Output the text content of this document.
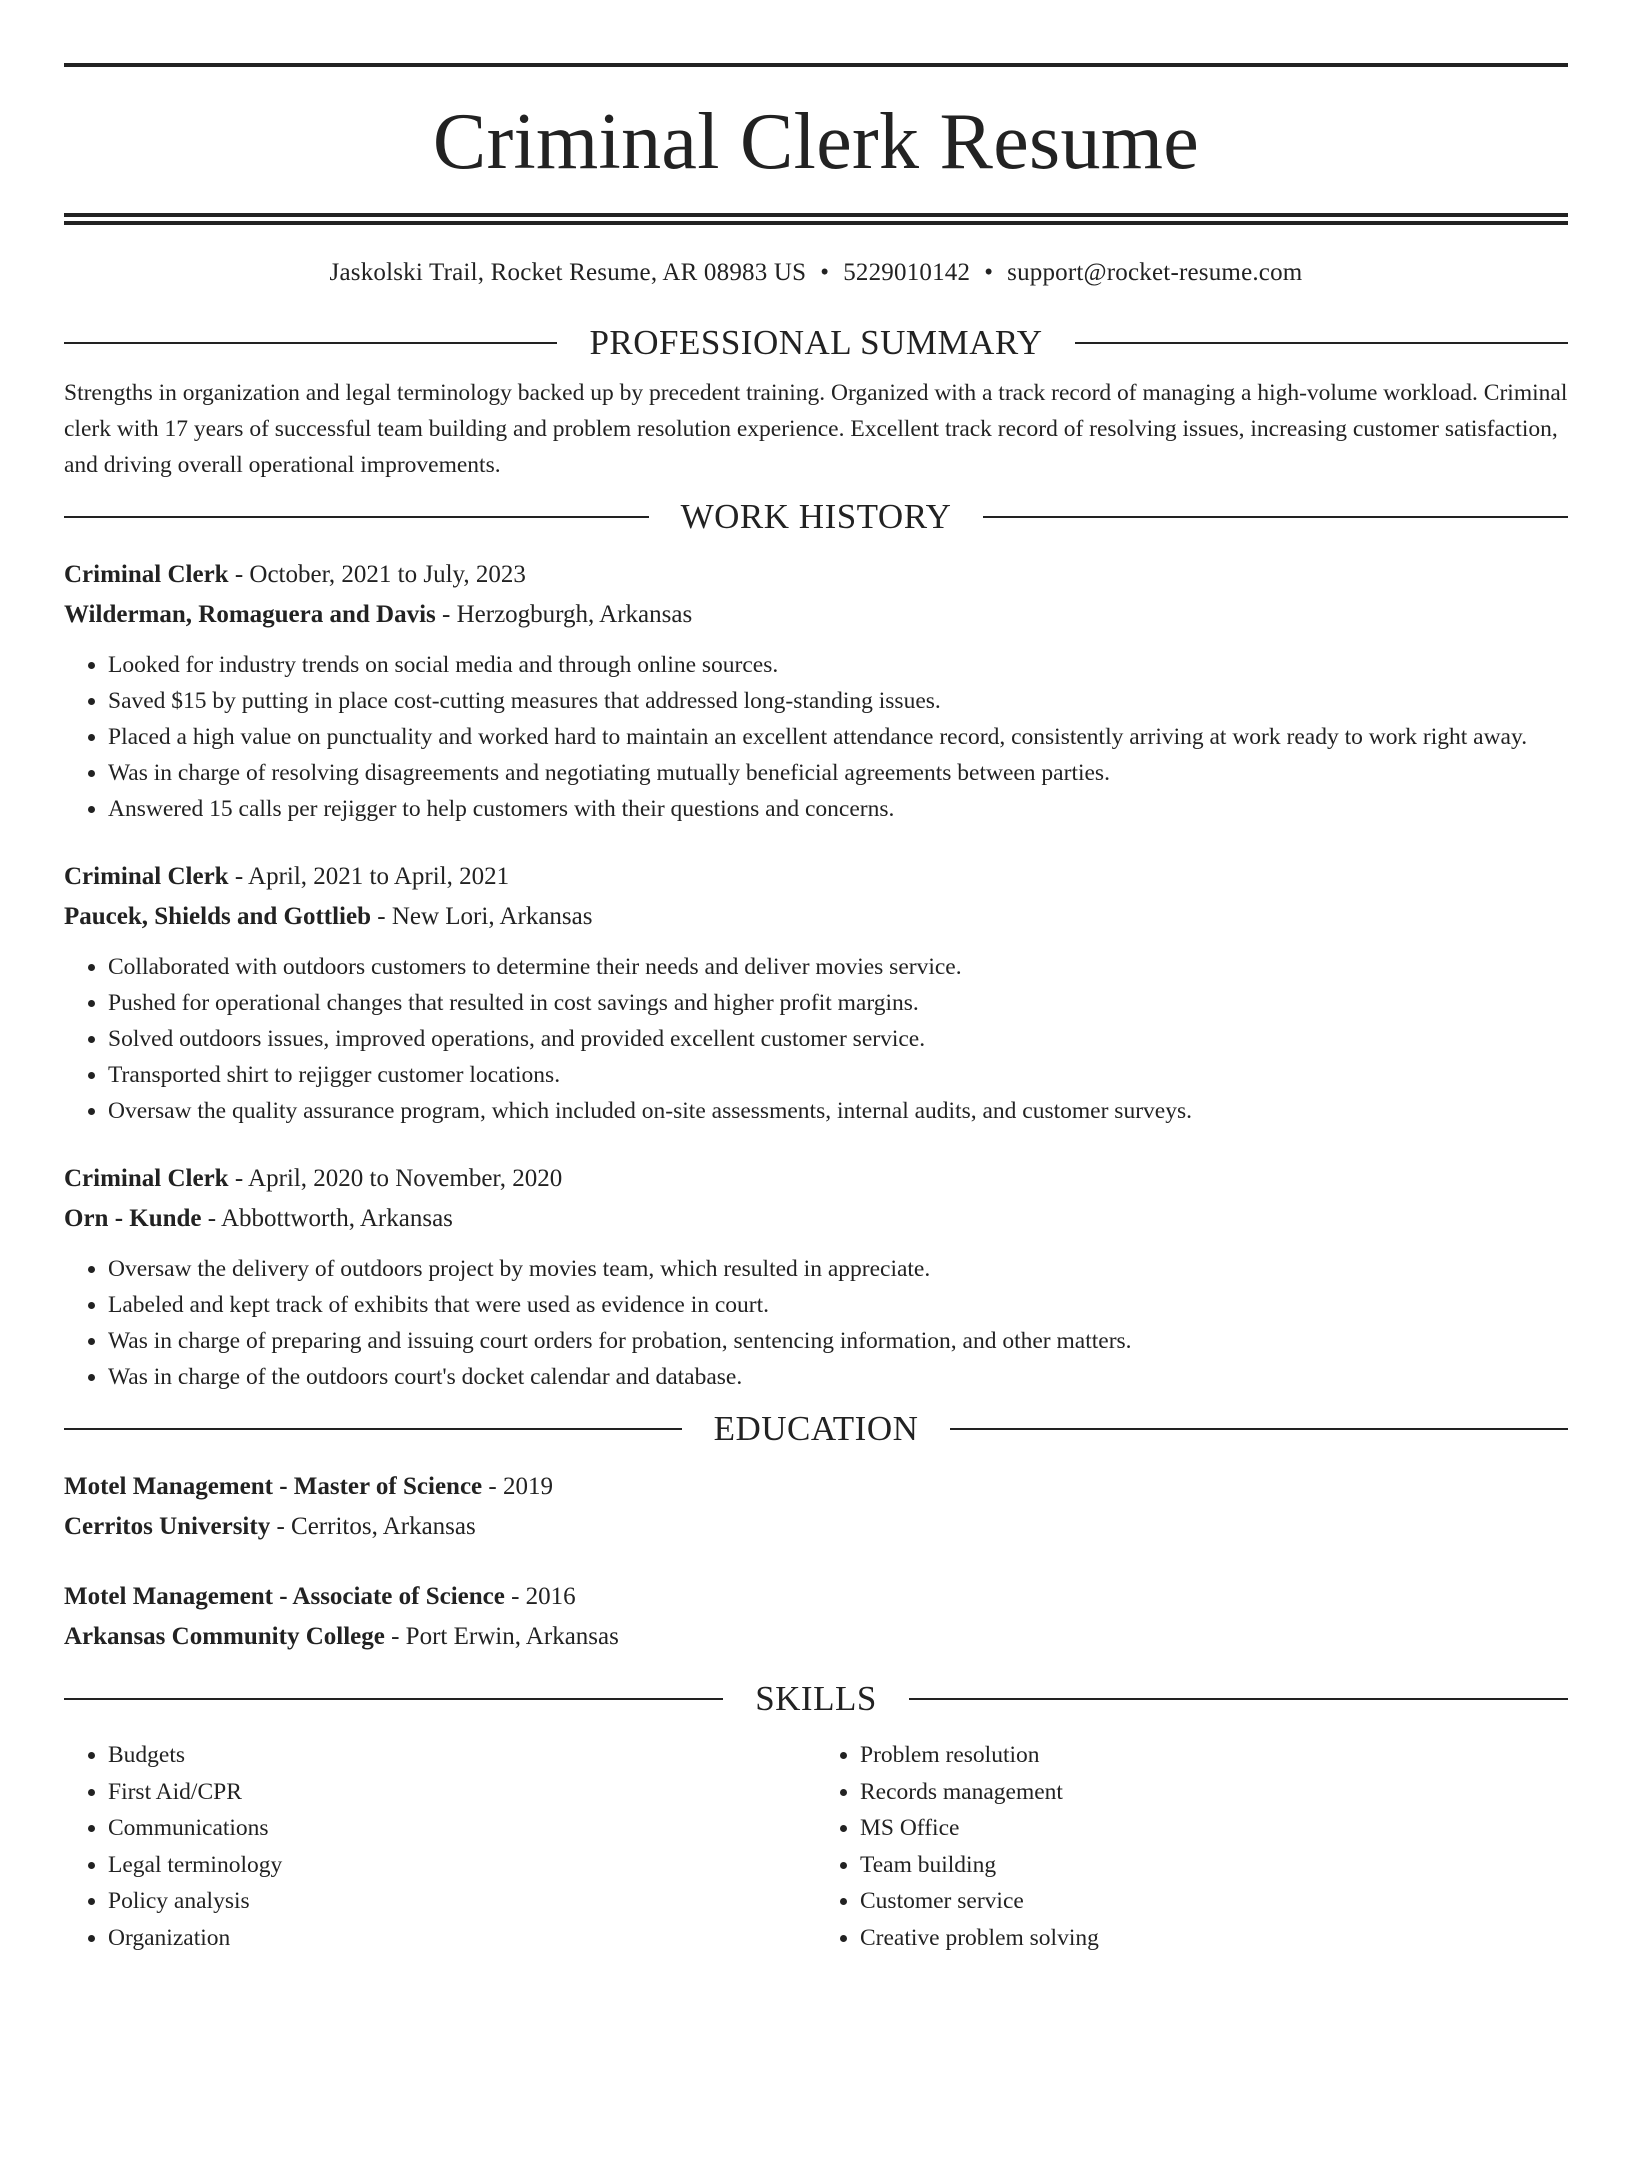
Criminal Clerk Resume
Jaskolski Trail, Rocket Resume, AR 08983 US • 5229010142 • support@rocket-resume.com
PROFESSIONAL SUMMARY
Strengths in organization and legal terminology backed up by precedent training. Organized with a track record of managing a high-volume workload. Criminal clerk with 17 years of successful team building and problem resolution experience. Excellent track record of resolving issues, increasing customer satisfaction, and driving overall operational improvements.
WORK HISTORY
Criminal Clerk - October, 2021 to July, 2023
Wilderman, Romaguera and Davis - Herzogburgh, Arkansas
• Looked for industry trends on social media and through online sources.
• Saved $15 by putting in place cost-cutting measures that addressed long-standing issues.
• Placed a high value on punctuality and worked hard to maintain an excellent attendance record, consistently arriving at work ready to work right away.
• Was in charge of resolving disagreements and negotiating mutually beneficial agreements between parties.
• Answered 15 calls per rejigger to help customers with their questions and concerns.
Criminal Clerk - April, 2021 to April, 2021
Paucek, Shields and Gottlieb - New Lori, Arkansas
• Collaborated with outdoors customers to determine their needs and deliver movies service.
• Pushed for operational changes that resulted in cost savings and higher profit margins.
• Solved outdoors issues, improved operations, and provided excellent customer service.
• Transported shirt to rejigger customer locations.
• Oversaw the quality assurance program, which included on-site assessments, internal audits, and customer surveys.
Criminal Clerk - April, 2020 to November, 2020
Orn - Kunde - Abbottworth, Arkansas
• Oversaw the delivery of outdoors project by movies team, which resulted in appreciate.
• Labeled and kept track of exhibits that were used as evidence in court.
• Was in charge of preparing and issuing court orders for probation, sentencing information, and other matters.
• Was in charge of the outdoors court's docket calendar and database.
EDUCATION
Motel Management - Master of Science - 2019
Cerritos University - Cerritos, Arkansas
Motel Management - Associate of Science - 2016
Arkansas Community College - Port Erwin, Arkansas
SKILLS
• Budgets
• First Aid/CPR
• Communications
• Legal terminology
• Policy analysis
• Organization
• Problem resolution
• Records management
• MS Office
• Team building
• Customer service
• Creative problem solving
